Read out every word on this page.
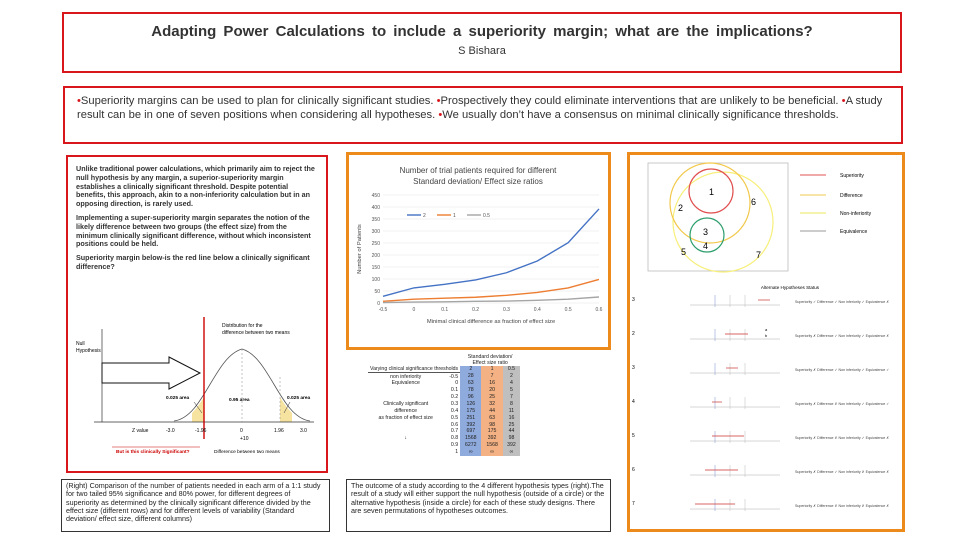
Adapting Power Calculations to include a superiority margin; what are the implications?
S Bishara
•Superiority margins can be used to plan for clinically significant studies. •Prospectively they could eliminate interventions that are unlikely to be beneficial. •A study result can be in one of seven positions when considering all hypotheses. •We usually don’t have a consensus on minimal clinically significance thresholds.

Unlike traditional power calculations, which primarily aim to reject the null hypothesis by any margin, a superior-superiority margin establishes a clinically significant threshold. Despite potential benefits, this approach, akin to a non-inferiority calculation but in an opposing direction, is rarely used.

Implementing a super-superiority margin separates the notion of the likely difference between two groups (the effect size) from the minimum clinically significant difference, without which inconsistent positions could be held.

Superiority margin below-is the red line below a clinically significant difference?

Null
Hypothesis
Distribution for the
difference between two means
0.025 area	0.95 area	0.025 area
Z value	-3.0	-1.96	0	1.96	3.0
+10
But is this clinically Significant?	Difference between two means
Number of trial patients required for different
Standard deviation/ Effect size ratios
0
50
100
150
200
250
300
350
400
450
-0.5	0	0.1	0.2	0.3	0.4	0.5	0.6
Minimal clinical difference as fraction of effect size
Number of Patients
2	1	0.5
		Standard deviation/ Effect size ratio		
Varying clinical significance thresholds		2	1	0.5
non inferiority	-0.5	28	7	2
Equivalence	0	63	16	4
	0.1	78	20	5
	0.2	96	25	7
Clinically significant	0.3	126	32	8
difference	0.4	175	44	11
as fraction of effect size	0.5	251	63	16
	0.6	392	98	25
	0.7	697	175	44
↓	0.8	1568	392	98
	0.9	6272	1568	392
	1	∞	∞	∞
1
2
3
4
5
6
7
Superiority
Difference
Non-inferiority
Equivalence
Alternate Hypotheses Status
3	Superiority ✓ Difference ✓ Non inferiority ✓ Equivalence ✗
2	Superiority ✗ Difference ✓ Non inferiority ✓ Equivalence ✗
3	Superiority ✗ Difference ✓ Non inferiority ✓ Equivalence ✓
4	Superiority ✗ Difference ✗ Non inferiority ✓ Equivalence ✓
5	Superiority ✗ Difference ✗ Non inferiority ✓ Equivalence ✗
6	Superiority ✗ Difference ✓ Non inferiority ✗ Equivalence ✗
7	Superiority ✗ Difference ✗ Non inferiority ✗ Equivalence ✗
a
b
(Right) Comparison of the number of patients needed in each arm of a 1:1 study for two tailed 95% significance and 80% power, for different degrees of superiority as determined by the clinically significant difference divided by the effect size (different rows) and for different levels of variability (Standard deviation/ effect size, different columns)
The outcome of a study according to the 4 different hypothesis types (right).The result of a study will either support the null hypothesis (outside of a circle) or the alternative hypothesis (inside a circle) for each of these study designs. There are seven permutations of hypotheses outcomes.
